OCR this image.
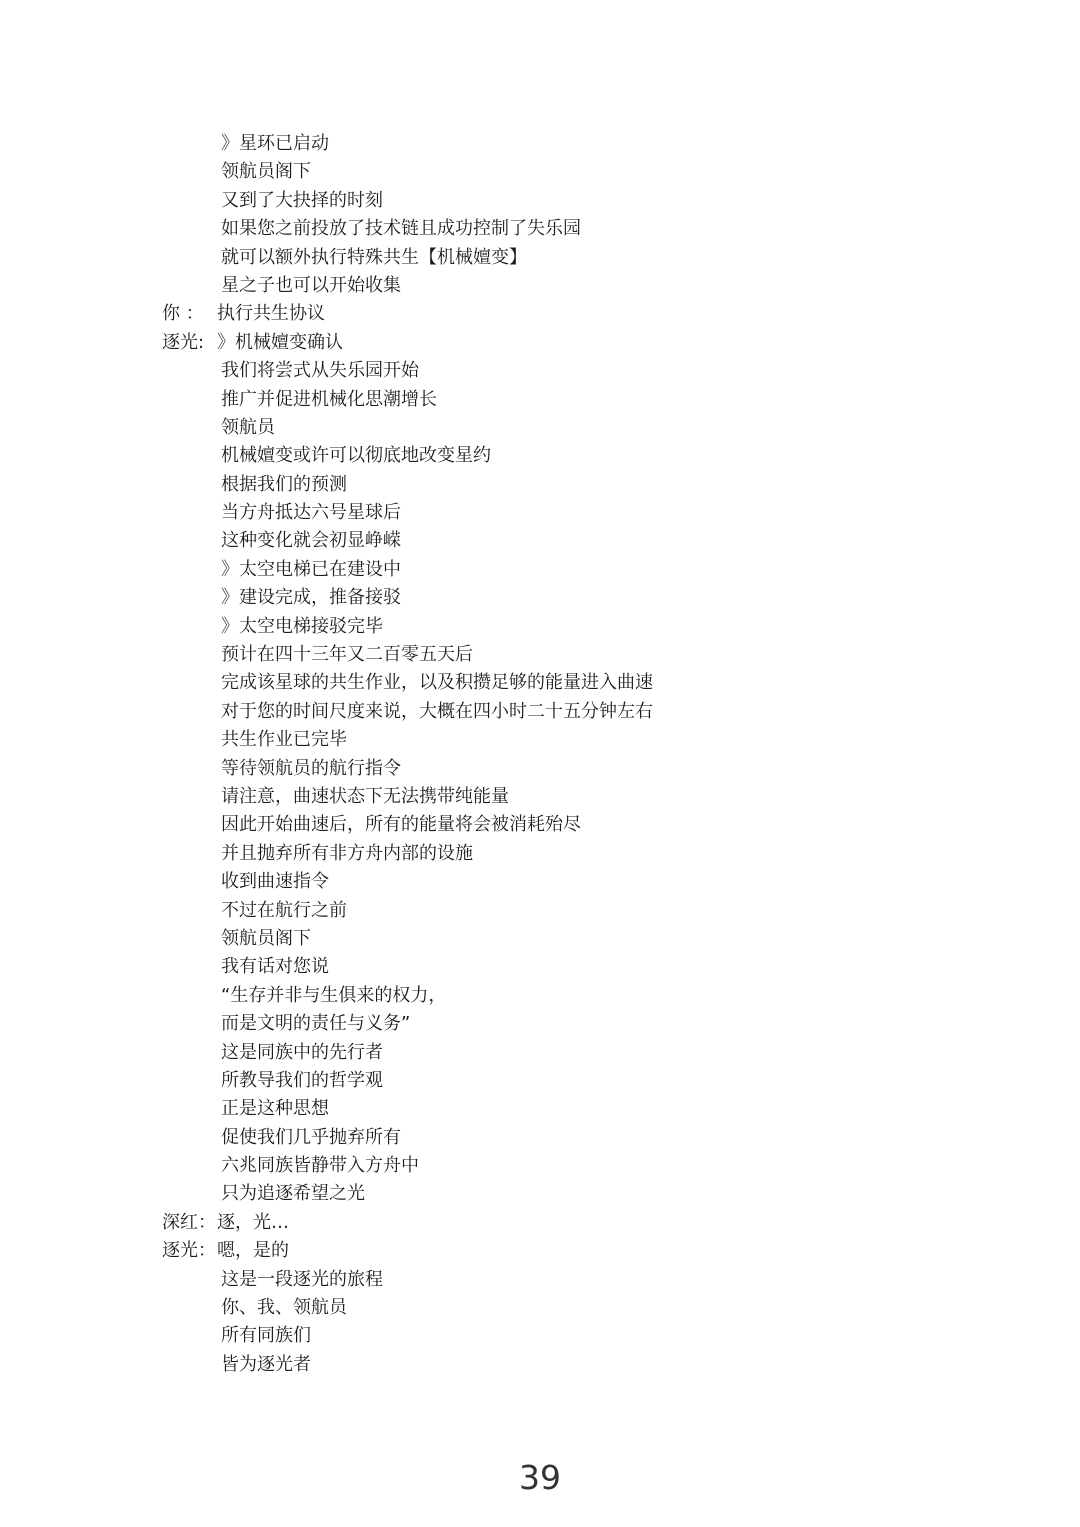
》星环已启动
领航员阁下
又到了大抉择的时刻
如果您之前投放了技术链且成功控制了失乐园
就可以额外执行特殊共生【机械嬗变】
星之子也可以开始收集
你 ： 执行共生协议
逐光: 》机械嬗变确认
我们将尝式从失乐园开始
推广并促进机械化思潮增长
领航员
机械嬗变或许可以彻底地改变星约
根据我们的预测
当方舟抵达六号星球后
这种变化就会初显峥嵘
》太空电梯已在建设中
》建设完成，推备接驳
》太空电梯接驳完毕
预计在四十三年又二百零五天后
完成该星球的共生作业，以及积攒足够的能量进入曲速
对于您的时间尺度来说，大概在四小时二十五分钟左右
共生作业已完毕
等待领航员的航行指令
请注意，曲速状态下无法携带纯能量
因此开始曲速后，所有的能量将会被消耗殆尽
并且抛弃所有非方舟内部的设施
收到曲速指令
不过在航行之前
领航员阁下
我有话对您说
“生存并非与生俱来的权力，
而是文明的责任与义务”
这是同族中的先行者
所教导我们的哲学观
正是这种思想
促使我们几乎抛弃所有
六兆同族皆静带入方舟中
只为追逐希望之光
深红： 逐，光…
逐光： 嗯，是的
这是一段逐光的旅程
你、我、领航员
所有同族们
皆为逐光者
39
